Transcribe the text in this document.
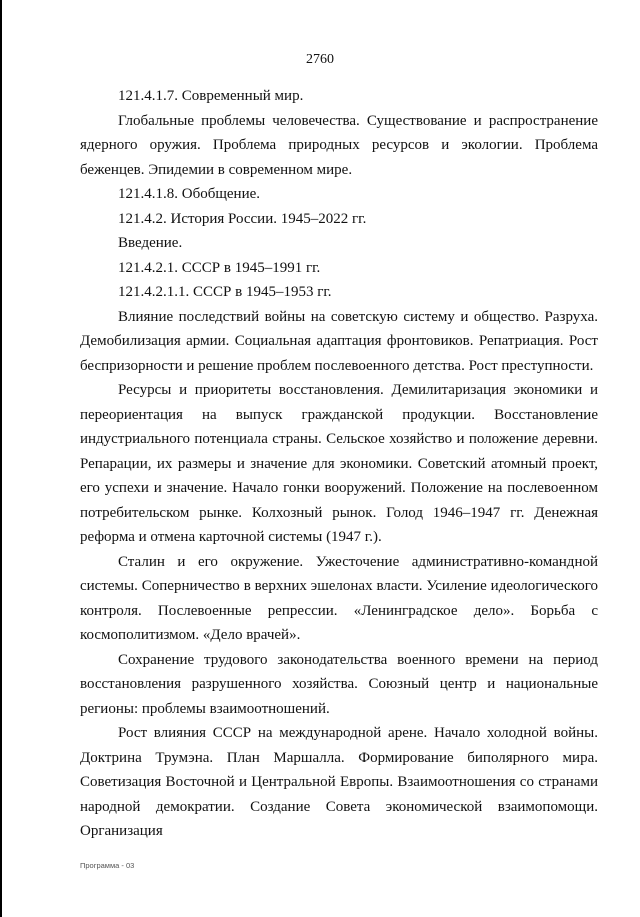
2760

121.4.1.7. Современный мир.

Глобальные проблемы человечества. Существование и распространение ядерного оружия. Проблема природных ресурсов и экологии. Проблема беженцев. Эпидемии в современном мире.

121.4.1.8. Обобщение.

121.4.2. История России. 1945–2022 гг.

Введение.

121.4.2.1. СССР в 1945–1991 гг.

121.4.2.1.1. СССР в 1945–1953 гг.

Влияние последствий войны на советскую систему и общество. Разруха. Демобилизация армии. Социальная адаптация фронтовиков. Репатриация. Рост беспризорности и решение проблем послевоенного детства. Рост преступности.

Ресурсы и приоритеты восстановления. Демилитаризация экономики и переориентация на выпуск гражданской продукции. Восстановление индустриального потенциала страны. Сельское хозяйство и положение деревни. Репарации, их размеры и значение для экономики. Советский атомный проект, его успехи и значение. Начало гонки вооружений. Положение на послевоенном потребительском рынке. Колхозный рынок. Голод 1946–1947 гг. Денежная реформа и отмена карточной системы (1947 г.).

Сталин и его окружение. Ужесточение административно-командной системы. Соперничество в верхних эшелонах власти. Усиление идеологического контроля. Послевоенные репрессии. «Ленинградское дело». Борьба с космополитизмом. «Дело врачей».

Сохранение трудового законодательства военного времени на период восстановления разрушенного хозяйства. Союзный центр и национальные регионы: проблемы взаимоотношений.

Рост влияния СССР на международной арене. Начало холодной войны. Доктрина Трумэна. План Маршалла. Формирование биполярного мира. Советизация Восточной и Центральной Европы. Взаимоотношения со странами народной демократии. Создание Совета экономической взаимопомощи. Организация

Программа - 03
